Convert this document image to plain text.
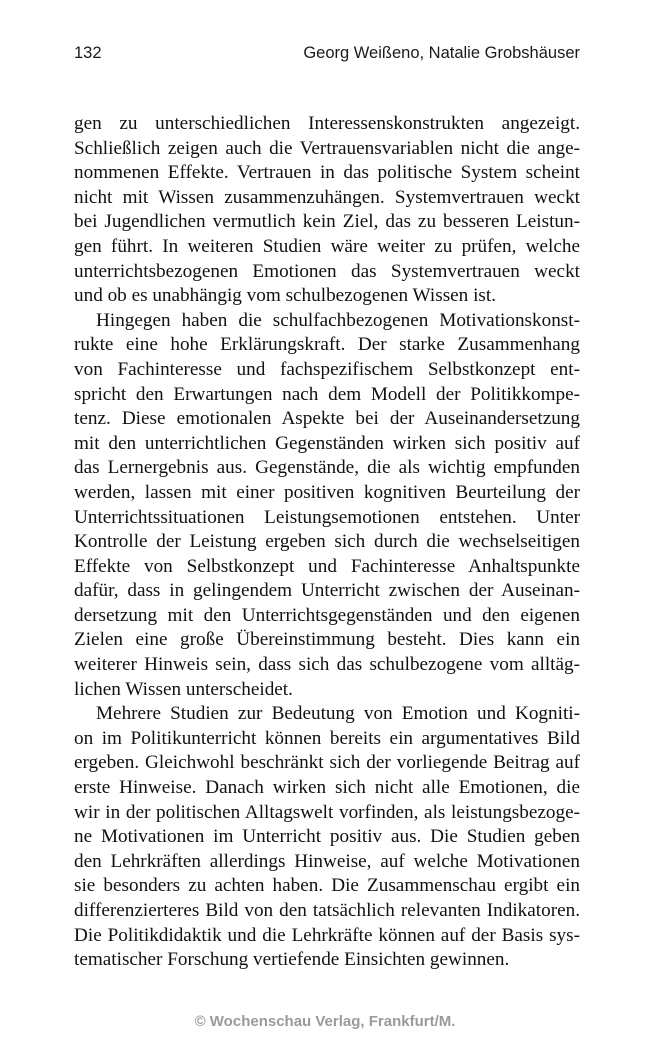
132	Georg Weißeno, Natalie Grobshäuser

gen zu unterschiedlichen Interessenskonstrukten angezeigt.
Schließlich zeigen auch die Vertrauensvariablen nicht die ange-
nommenen Effekte. Vertrauen in das politische System scheint
nicht mit Wissen zusammenzuhängen. Systemvertrauen weckt
bei Jugendlichen vermutlich kein Ziel, das zu besseren Leistun-
gen führt. In weiteren Studien wäre weiter zu prüfen, welche
unterrichtsbezogenen Emotionen das Systemvertrauen weckt
und ob es unabhängig vom schulbezogenen Wissen ist.

Hingegen haben die schulfachbezogenen Motivationskonst-
rukte eine hohe Erklärungskraft. Der starke Zusammenhang
von Fachinteresse und fachspezifischem Selbstkonzept ent-
spricht den Erwartungen nach dem Modell der Politikkompe-
tenz. Diese emotionalen Aspekte bei der Auseinandersetzung
mit den unterrichtlichen Gegenständen wirken sich positiv auf
das Lernergebnis aus. Gegenstände, die als wichtig empfunden
werden, lassen mit einer positiven kognitiven Beurteilung der
Unterrichtssituationen Leistungsemotionen entstehen. Unter
Kontrolle der Leistung ergeben sich durch die wechselseitigen
Effekte von Selbstkonzept und Fachinteresse Anhaltspunkte
dafür, dass in gelingendem Unterricht zwischen der Auseinan-
dersetzung mit den Unterrichtsgegenständen und den eigenen
Zielen eine große Übereinstimmung besteht. Dies kann ein
weiterer Hinweis sein, dass sich das schulbezogene vom alltäg-
lichen Wissen unterscheidet.

Mehrere Studien zur Bedeutung von Emotion und Kogniti-
on im Politikunterricht können bereits ein argumentatives Bild
ergeben. Gleichwohl beschränkt sich der vorliegende Beitrag auf
erste Hinweise. Danach wirken sich nicht alle Emotionen, die
wir in der politischen Alltagswelt vorfinden, als leistungsbezoge-
ne Motivationen im Unterricht positiv aus. Die Studien geben
den Lehrkräften allerdings Hinweise, auf welche Motivationen
sie besonders zu achten haben. Die Zusammenschau ergibt ein
differenzierteres Bild von den tatsächlich relevanten Indikatoren.
Die Politikdidaktik und die Lehrkräfte können auf der Basis sys-
tematischer Forschung vertiefende Einsichten gewinnen.

© Wochenschau Verlag, Frankfurt/M.
